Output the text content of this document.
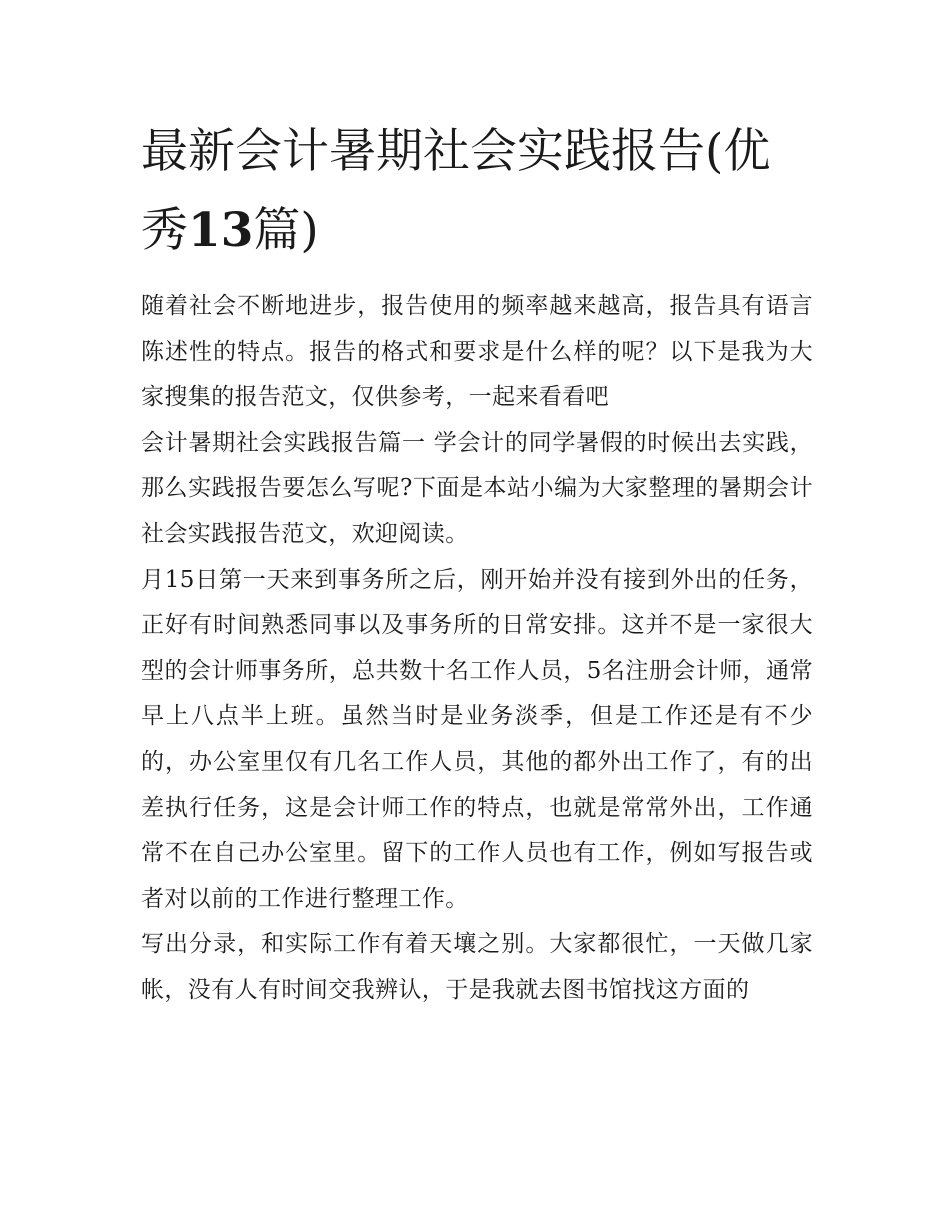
最新会计暑期社会实践报告(优秀13篇)

随着社会不断地进步，报告使用的频率越来越高，报告具有语言陈述性的特点。报告的格式和要求是什么样的呢？以下是我为大家搜集的报告范文，仅供参考，一起来看看吧

会计暑期社会实践报告篇一 学会计的同学暑假的时候出去实践，那么实践报告要怎么写呢?下面是本站小编为大家整理的暑期会计社会实践报告范文，欢迎阅读。

月15日第一天来到事务所之后，刚开始并没有接到外出的任务，正好有时间熟悉同事以及事务所的日常安排。这并不是一家很大型的会计师事务所，总共数十名工作人员，5名注册会计师，通常早上八点半上班。虽然当时是业务淡季，但是工作还是有不少的，办公室里仅有几名工作人员，其他的都外出工作了，有的出差执行任务，这是会计师工作的特点，也就是常常外出，工作通常不在自己办公室里。留下的工作人员也有工作，例如写报告或者对以前的工作进行整理工作。

写出分录，和实际工作有着天壤之别。大家都很忙，一天做几家帐，没有人有时间交我辨认，于是我就去图书馆找这方面的
